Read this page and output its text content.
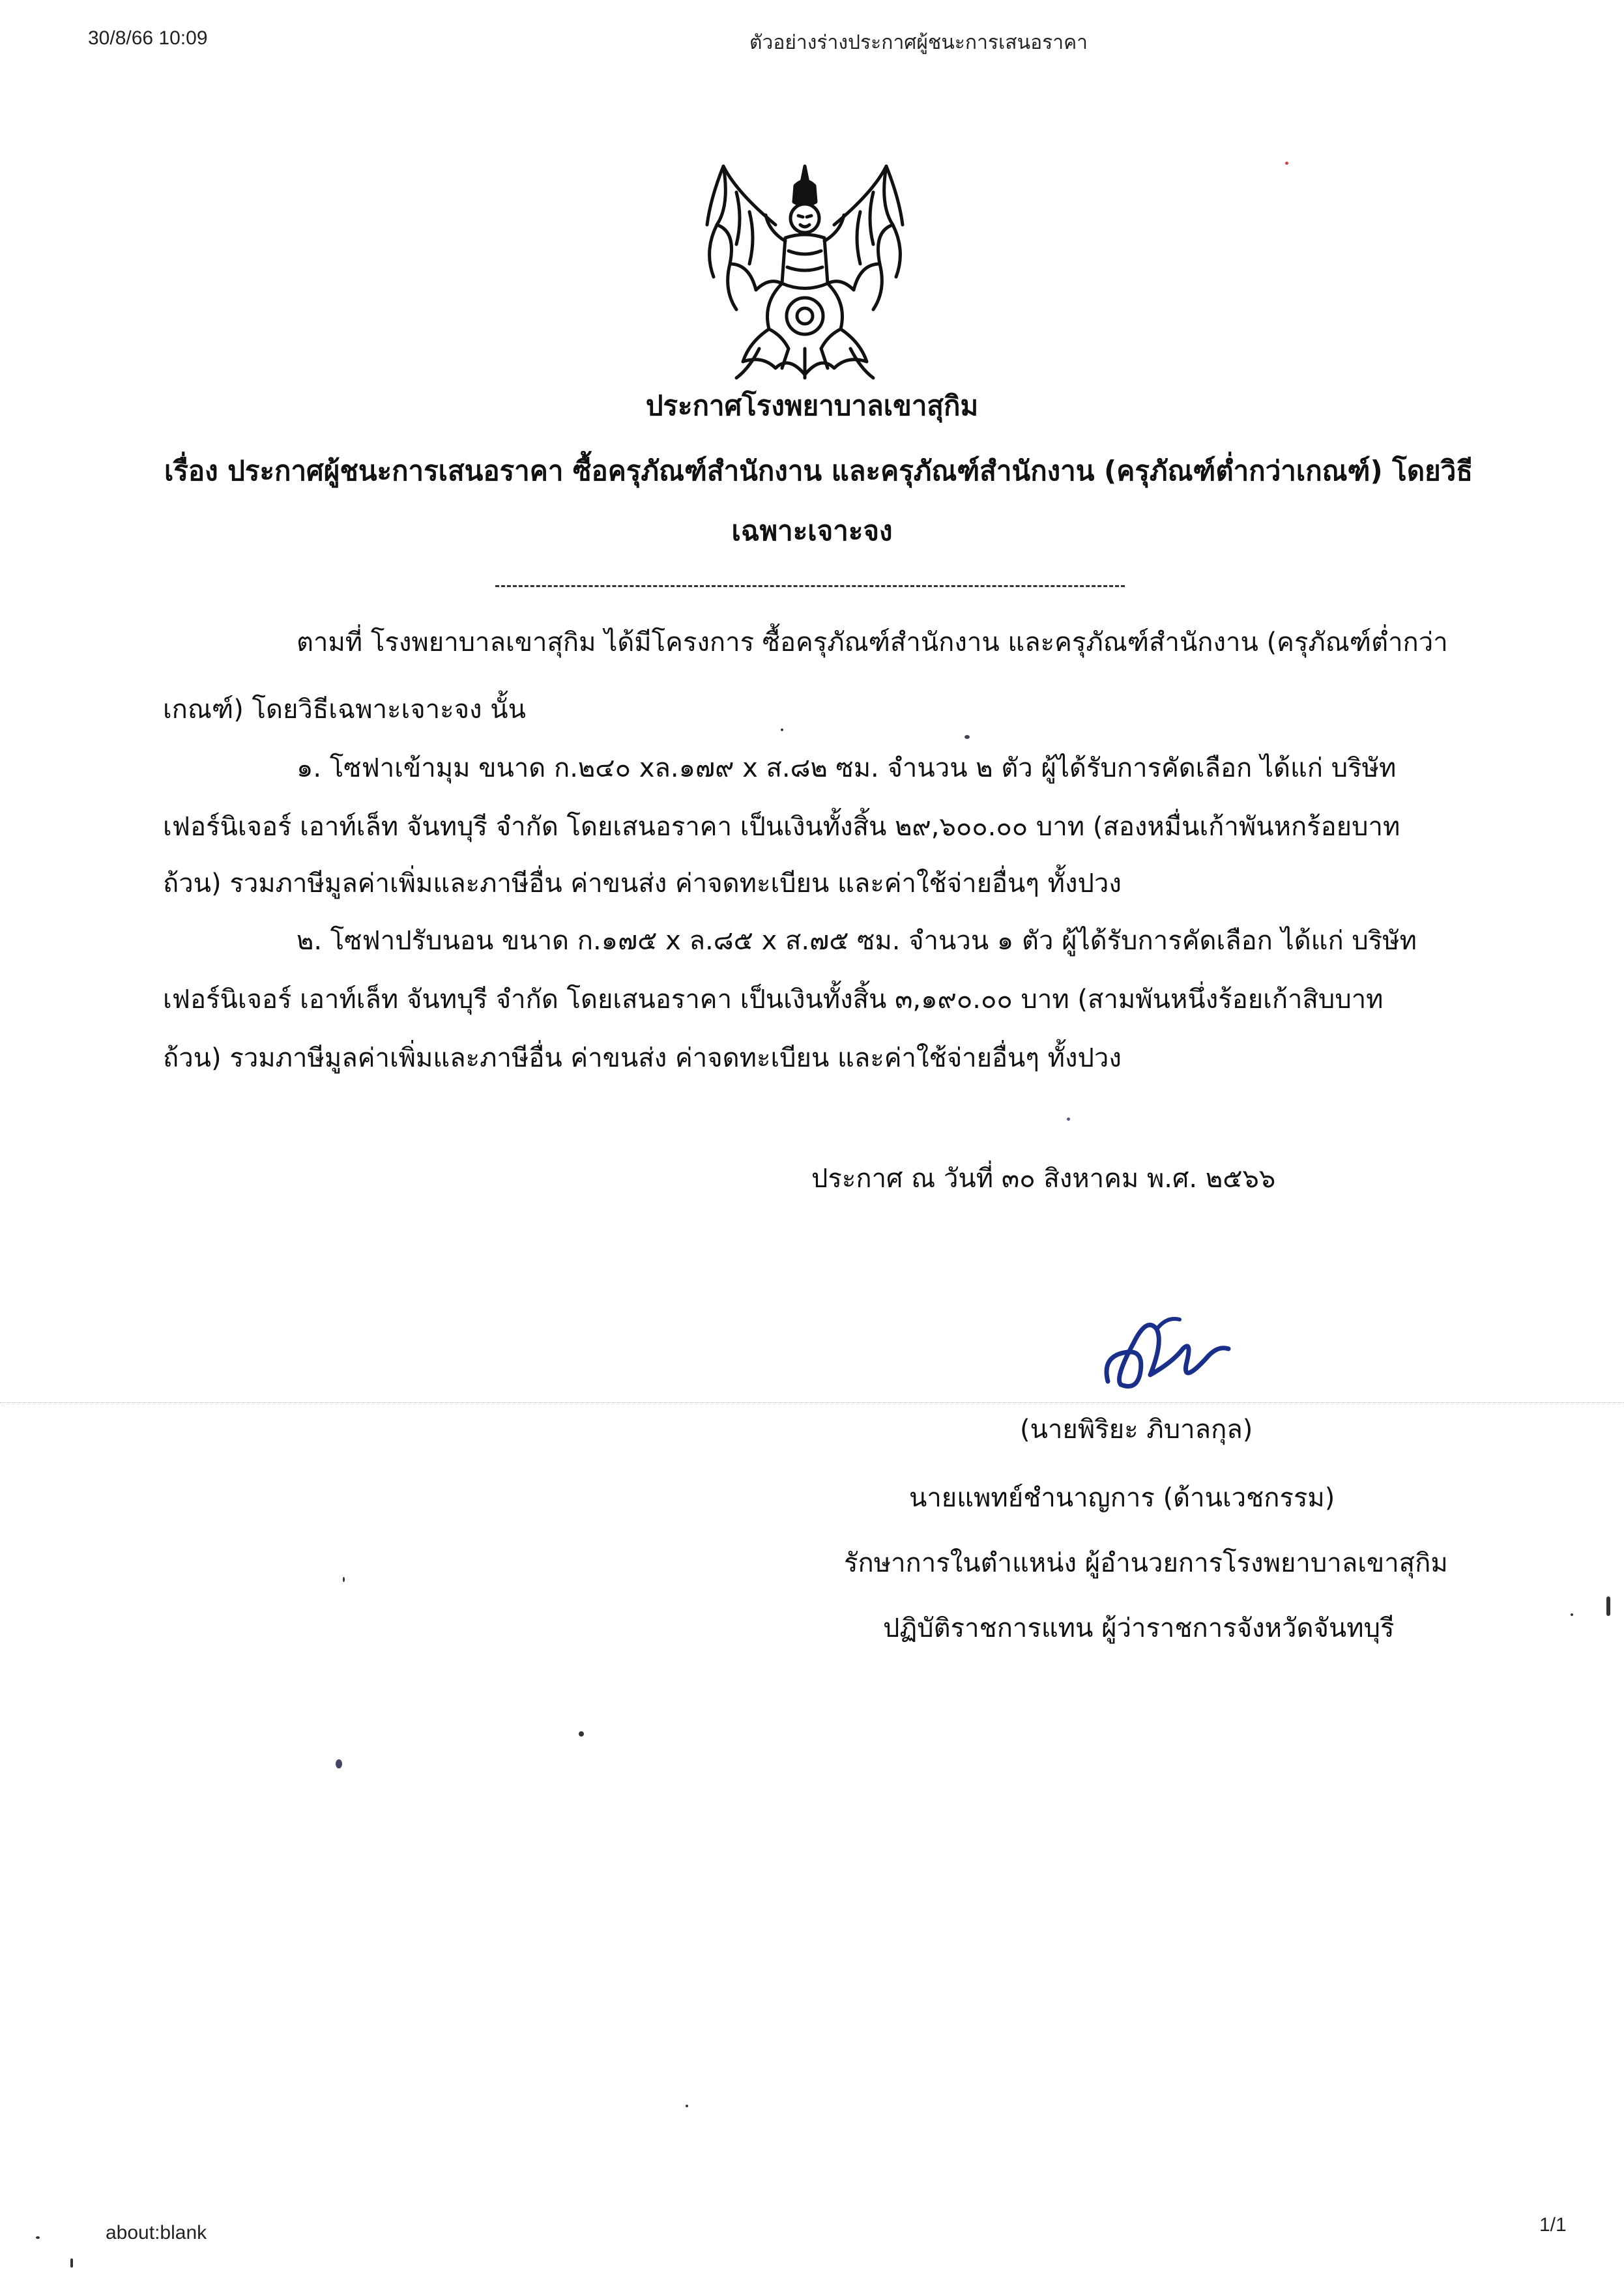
30/8/66 10:09	ตัวอย่างร่างประกาศผู้ชนะการเสนอราคา
ประกาศโรงพยาบาลเขาสุกิม
เรื่อง ประกาศผู้ชนะการเสนอราคา ซื้อครุภัณฑ์สำนักงาน และครุภัณฑ์สำนักงาน (ครุภัณฑ์ต่ำกว่าเกณฑ์) โดยวิธี
เฉพาะเจาะจง
ตามที่ โรงพยาบาลเขาสุกิม ได้มีโครงการ ซื้อครุภัณฑ์สำนักงาน และครุภัณฑ์สำนักงาน (ครุภัณฑ์ต่ำกว่า
เกณฑ์) โดยวิธีเฉพาะเจาะจง นั้น
๑. โซฟาเข้ามุม ขนาด ก.๒๔๐ xล.๑๗๙ x ส.๘๒ ซม. จำนวน ๒ ตัว ผู้ได้รับการคัดเลือก ได้แก่ บริษัท
เฟอร์นิเจอร์ เอาท์เล็ท จันทบุรี จำกัด โดยเสนอราคา เป็นเงินทั้งสิ้น ๒๙,๖๐๐.๐๐ บาท (สองหมื่นเก้าพันหกร้อยบาท
ถ้วน) รวมภาษีมูลค่าเพิ่มและภาษีอื่น ค่าขนส่ง ค่าจดทะเบียน และค่าใช้จ่ายอื่นๆ ทั้งปวง
๒. โซฟาปรับนอน ขนาด ก.๑๗๕ x ล.๘๕ x ส.๗๕ ซม. จำนวน ๑ ตัว ผู้ได้รับการคัดเลือก ได้แก่ บริษัท
เฟอร์นิเจอร์ เอาท์เล็ท จันทบุรี จำกัด โดยเสนอราคา เป็นเงินทั้งสิ้น ๓,๑๙๐.๐๐ บาท (สามพันหนึ่งร้อยเก้าสิบบาท
ถ้วน) รวมภาษีมูลค่าเพิ่มและภาษีอื่น ค่าขนส่ง ค่าจดทะเบียน และค่าใช้จ่ายอื่นๆ ทั้งปวง
ประกาศ ณ วันที่ ๓๐ สิงหาคม พ.ศ. ๒๕๖๖
(นายพิริยะ ภิบาลกุล)
นายแพทย์ชำนาญการ (ด้านเวชกรรม)
รักษาการในตำแหน่ง ผู้อำนวยการโรงพยาบาลเขาสุกิม
ปฏิบัติราชการแทน ผู้ว่าราชการจังหวัดจันทบุรี
about:blank	1/1
